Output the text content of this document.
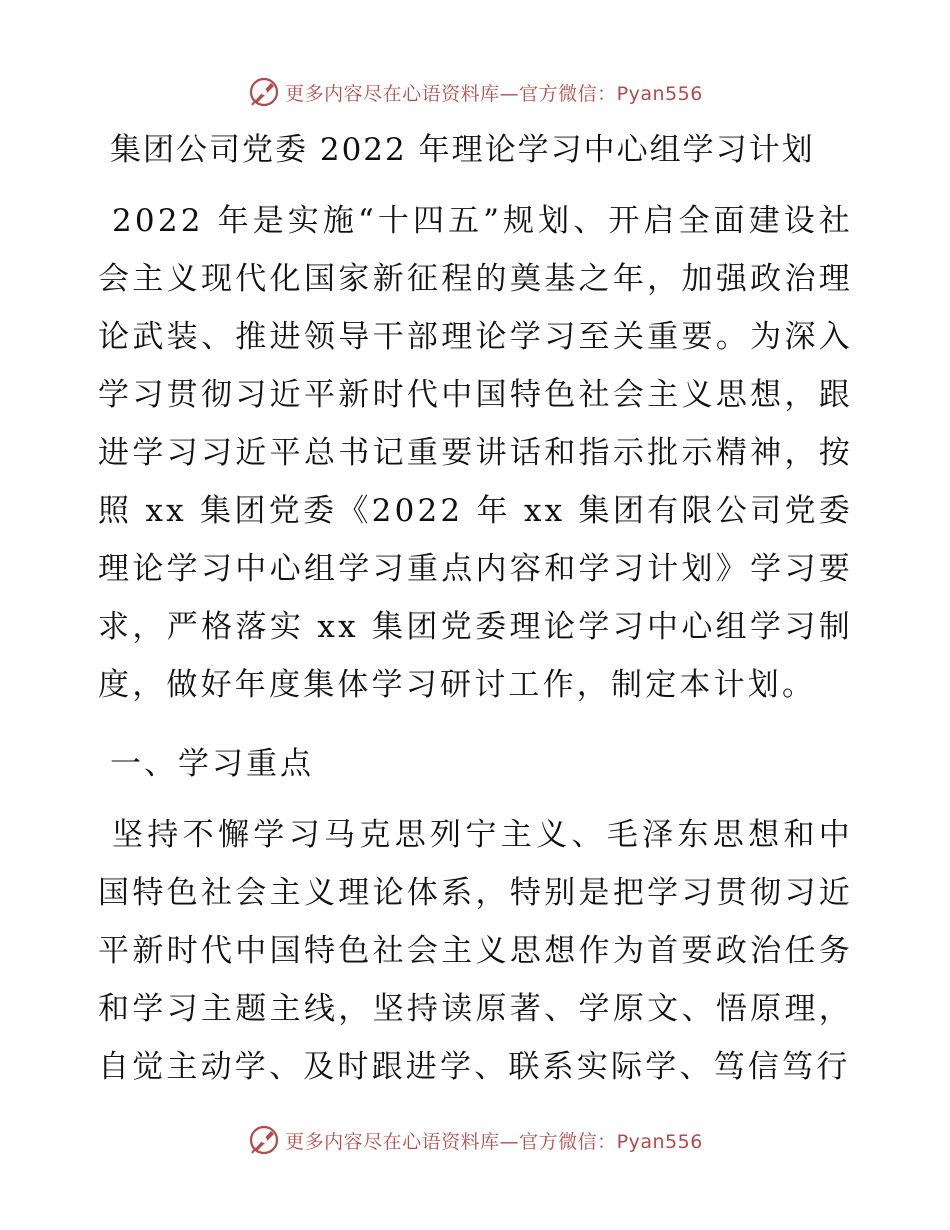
更多内容尽在心语资料库—官方微信：Pyan556
集团公司党委 2022 年理论学习中心组学习计划

2022 年是实施“十四五”规划、开启全面建设社会主义现代化国家新征程的奠基之年，加强政治理论武装、推进领导干部理论学习至关重要。为深入学习贯彻习近平新时代中国特色社会主义思想，跟进学习习近平总书记重要讲话和指示批示精神，按照 xx 集团党委《2022 年 xx 集团有限公司党委理论学习中心组学习重点内容和学习计划》学习要求，严格落实 xx 集团党委理论学习中心组学习制度，做好年度集体学习研讨工作，制定本计划。

一、学习重点

坚持不懈学习马克思列宁主义、毛泽东思想和中国特色社会主义理论体系，特别是把学习贯彻习近平新时代中国特色社会主义思想作为首要政治任务和学习主题主线，坚持读原著、学原文、悟原理，自觉主动学、及时跟进学、联系实际学、笃信笃行

更多内容尽在心语资料库—官方微信：Pyan556
